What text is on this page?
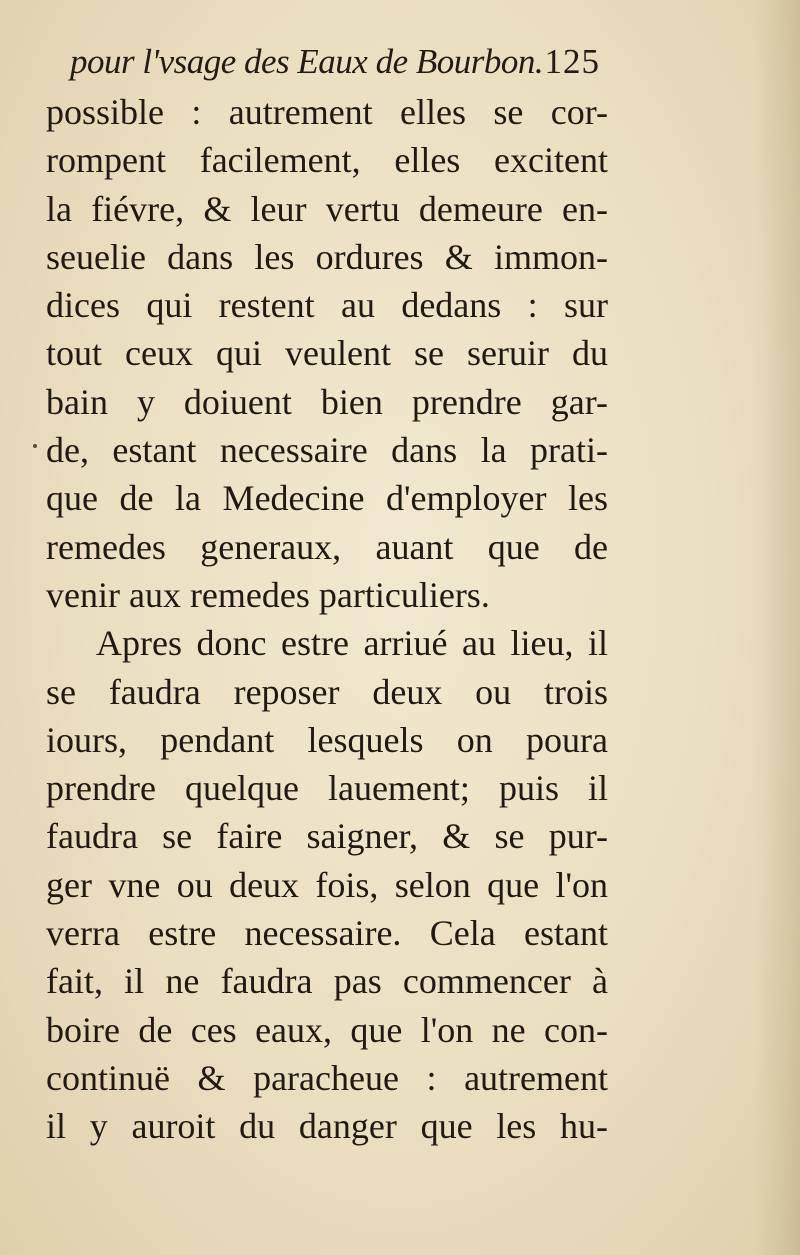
pour l'vsage des Eaux de Bourbon. 125
possible : autrement elles se cor-
rompent facilement, elles excitent
la fiévre, & leur vertu demeure en-
seuelie dans les ordures & immon-
dices qui restent au dedans : sur
tout ceux qui veulent se seruir du
bain y doiuent bien prendre gar-
de, estant necessaire dans la prati-
que de la Medecine d'employer les
remedes generaux, auant que de
venir aux remedes particuliers.
Apres donc estre arriué au lieu, il
se faudra reposer deux ou trois
iours, pendant lesquels on poura
prendre quelque lauement; puis il
faudra se faire saigner, & se pur-
ger vne ou deux fois, selon que l'on
verra estre necessaire. Cela estant
fait, il ne faudra pas commencer à
boire de ces eaux, que l'on ne con-
continuë & paracheue : autrement
il y auroit du danger que les hu-
